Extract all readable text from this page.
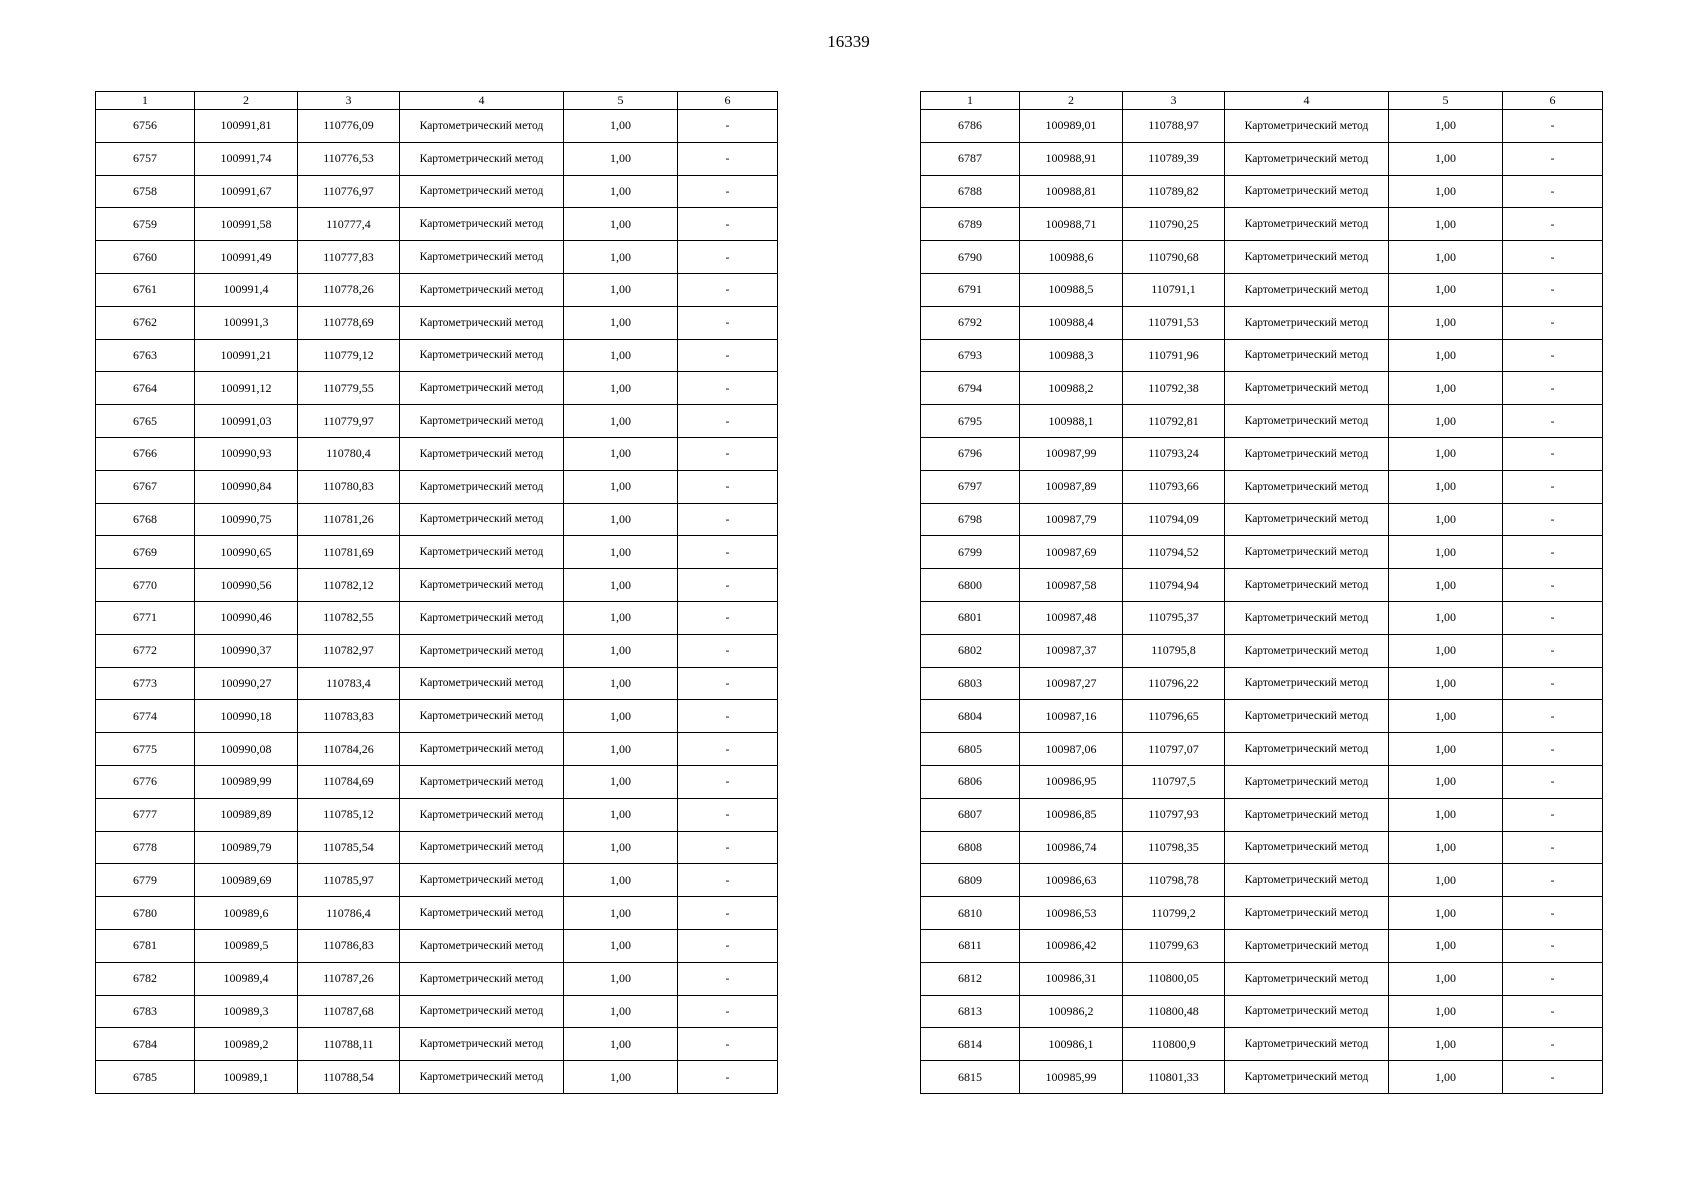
16339
1	2	3	4	5	6
6756	100991,81	110776,09	Картометрический метод	1,00	-
6757	100991,74	110776,53	Картометрический метод	1,00	-
6758	100991,67	110776,97	Картометрический метод	1,00	-
6759	100991,58	110777,4	Картометрический метод	1,00	-
6760	100991,49	110777,83	Картометрический метод	1,00	-
6761	100991,4	110778,26	Картометрический метод	1,00	-
6762	100991,3	110778,69	Картометрический метод	1,00	-
6763	100991,21	110779,12	Картометрический метод	1,00	-
6764	100991,12	110779,55	Картометрический метод	1,00	-
6765	100991,03	110779,97	Картометрический метод	1,00	-
6766	100990,93	110780,4	Картометрический метод	1,00	-
6767	100990,84	110780,83	Картометрический метод	1,00	-
6768	100990,75	110781,26	Картометрический метод	1,00	-
6769	100990,65	110781,69	Картометрический метод	1,00	-
6770	100990,56	110782,12	Картометрический метод	1,00	-
6771	100990,46	110782,55	Картометрический метод	1,00	-
6772	100990,37	110782,97	Картометрический метод	1,00	-
6773	100990,27	110783,4	Картометрический метод	1,00	-
6774	100990,18	110783,83	Картометрический метод	1,00	-
6775	100990,08	110784,26	Картометрический метод	1,00	-
6776	100989,99	110784,69	Картометрический метод	1,00	-
6777	100989,89	110785,12	Картометрический метод	1,00	-
6778	100989,79	110785,54	Картометрический метод	1,00	-
6779	100989,69	110785,97	Картометрический метод	1,00	-
6780	100989,6	110786,4	Картометрический метод	1,00	-
6781	100989,5	110786,83	Картометрический метод	1,00	-
6782	100989,4	110787,26	Картометрический метод	1,00	-
6783	100989,3	110787,68	Картометрический метод	1,00	-
6784	100989,2	110788,11	Картометрический метод	1,00	-
6785	100989,1	110788,54	Картометрический метод	1,00	-
1	2	3	4	5	6
6786	100989,01	110788,97	Картометрический метод	1,00	-
6787	100988,91	110789,39	Картометрический метод	1,00	-
6788	100988,81	110789,82	Картометрический метод	1,00	-
6789	100988,71	110790,25	Картометрический метод	1,00	-
6790	100988,6	110790,68	Картометрический метод	1,00	-
6791	100988,5	110791,1	Картометрический метод	1,00	-
6792	100988,4	110791,53	Картометрический метод	1,00	-
6793	100988,3	110791,96	Картометрический метод	1,00	-
6794	100988,2	110792,38	Картометрический метод	1,00	-
6795	100988,1	110792,81	Картометрический метод	1,00	-
6796	100987,99	110793,24	Картометрический метод	1,00	-
6797	100987,89	110793,66	Картометрический метод	1,00	-
6798	100987,79	110794,09	Картометрический метод	1,00	-
6799	100987,69	110794,52	Картометрический метод	1,00	-
6800	100987,58	110794,94	Картометрический метод	1,00	-
6801	100987,48	110795,37	Картометрический метод	1,00	-
6802	100987,37	110795,8	Картометрический метод	1,00	-
6803	100987,27	110796,22	Картометрический метод	1,00	-
6804	100987,16	110796,65	Картометрический метод	1,00	-
6805	100987,06	110797,07	Картометрический метод	1,00	-
6806	100986,95	110797,5	Картометрический метод	1,00	-
6807	100986,85	110797,93	Картометрический метод	1,00	-
6808	100986,74	110798,35	Картометрический метод	1,00	-
6809	100986,63	110798,78	Картометрический метод	1,00	-
6810	100986,53	110799,2	Картометрический метод	1,00	-
6811	100986,42	110799,63	Картометрический метод	1,00	-
6812	100986,31	110800,05	Картометрический метод	1,00	-
6813	100986,2	110800,48	Картометрический метод	1,00	-
6814	100986,1	110800,9	Картометрический метод	1,00	-
6815	100985,99	110801,33	Картометрический метод	1,00	-
